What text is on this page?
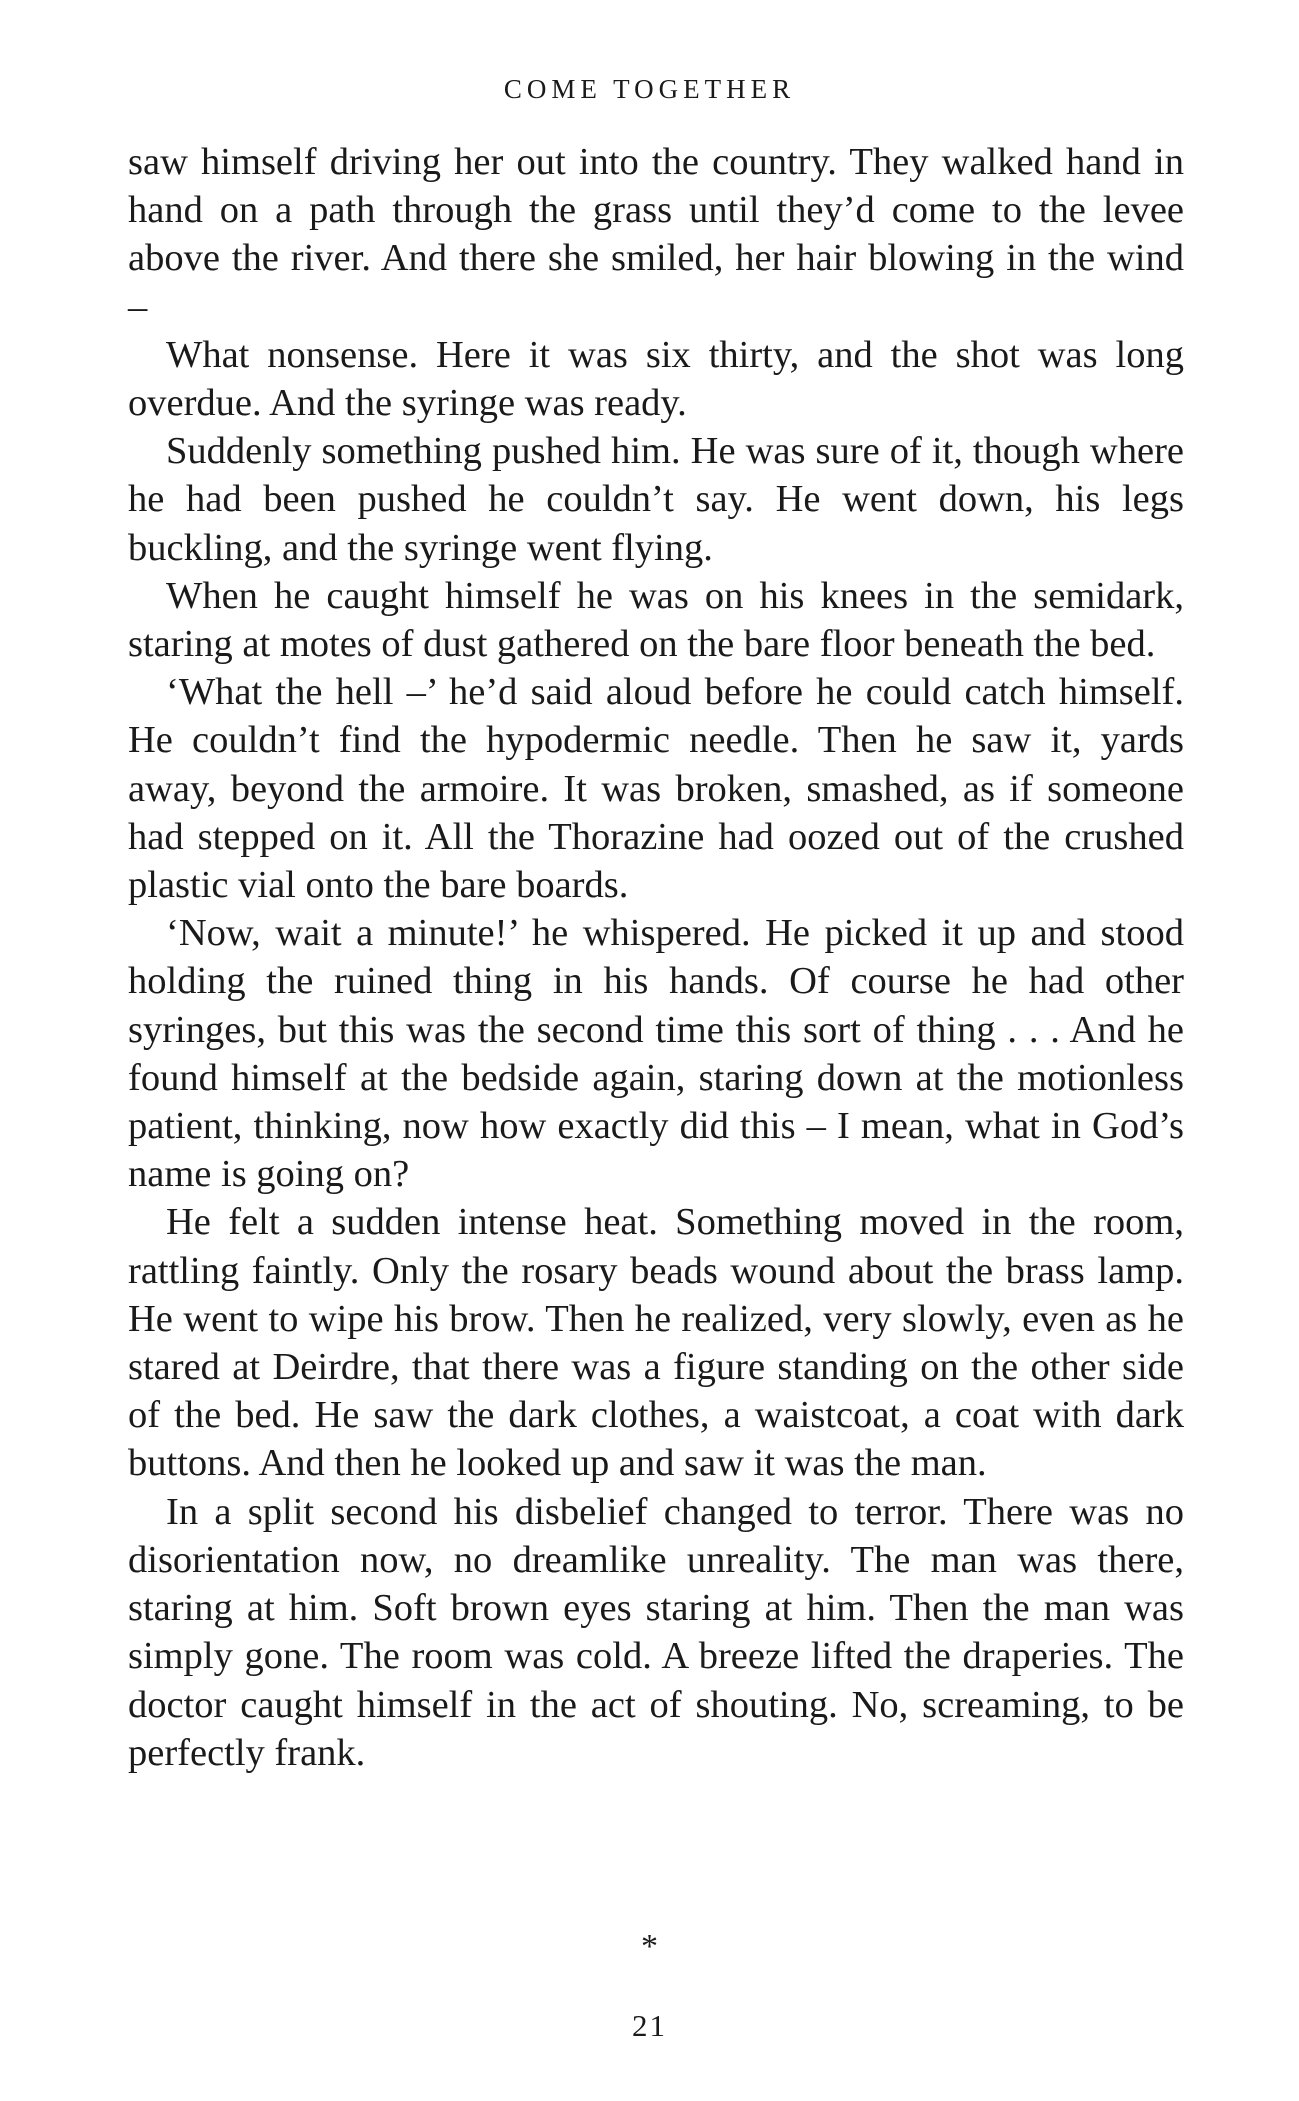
COME TOGETHER

saw himself driving her out into the country. They walked hand in hand on a path through the grass until they’d come to the levee above the river. And there she smiled, her hair blowing in the wind –

What nonsense. Here it was six thirty, and the shot was long overdue. And the syringe was ready.

Suddenly something pushed him. He was sure of it, though where he had been pushed he couldn’t say. He went down, his legs buckling, and the syringe went flying.

When he caught himself he was on his knees in the semidark, staring at motes of dust gathered on the bare floor beneath the bed.

‘What the hell –’ he’d said aloud before he could catch himself. He couldn’t find the hypodermic needle. Then he saw it, yards away, beyond the armoire. It was broken, smashed, as if someone had stepped on it. All the Thorazine had oozed out of the crushed plastic vial onto the bare boards.

‘Now, wait a minute!’ he whispered. He picked it up and stood holding the ruined thing in his hands. Of course he had other syringes, but this was the second time this sort of thing . . . And he found himself at the bedside again, staring down at the motionless patient, thinking, now how exactly did this – I mean, what in God’s name is going on?

He felt a sudden intense heat. Something moved in the room, rattling faintly. Only the rosary beads wound about the brass lamp. He went to wipe his brow. Then he realized, very slowly, even as he stared at Deirdre, that there was a figure standing on the other side of the bed. He saw the dark clothes, a waistcoat, a coat with dark buttons. And then he looked up and saw it was the man.

In a split second his disbelief changed to terror. There was no disorientation now, no dreamlike unreality. The man was there, staring at him. Soft brown eyes staring at him. Then the man was simply gone. The room was cold. A breeze lifted the draperies. The doctor caught himself in the act of shouting. No, screaming, to be perfectly frank.

*

21
